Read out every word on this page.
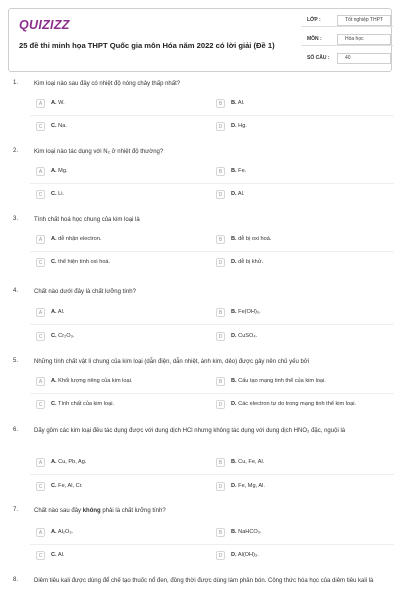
QUIZIZZ
25 đề thi minh họa THPT Quốc gia môn Hóa năm 2022 có lời giải (Đề 1)
LỚP :	Tốt nghiệp THPT
MÔN :	Hóa học
SỐ CÂU :	40
1.	Kim loại nào sau đây có nhiệt độ nóng chảy thấp nhất?
A	A. W.	B	B. Al.
C	C. Na.	D	D. Hg.
2.	Kim loại nào tác dụng với N₂ ở nhiệt độ thường?
A	A. Mg.	B	B. Fe.
C	C. Li.	D	D. Al.
3.	Tính chất hoá học chung của kim loại là
A	A. dễ nhận electron.	B	B. dễ bị oxi hoá.
C	C. thể hiện tính oxi hoá.	D	D. dễ bị khử.
4.	Chất nào dưới đây là chất lưỡng tính?
A	A. Al.	B	B. Fe(OH)₃.
C	C. Cr₂O₃.	D	D. CuSO₄.
5.	Những tính chất vật lí chung của kim loại (dẫn điện, dẫn nhiệt, ánh kim, dẻo) được gây nên chủ yếu bởi
A	A. Khối lượng riêng của kim loại.	B	B. Cấu tạo mạng tinh thể của kim loại.
C	C. Tính chất của kim loại.	D	D. Các electron tự do trong mạng tinh thể kim loại.
6.	Dãy gồm các kim loại đều tác dụng được với dung dịch HCl nhưng không tác dụng với dung dịch HNO₃ đặc, nguội là
A	A. Cu, Pb, Ag.	B	B. Cu, Fe, Al.
C	C. Fe, Al, Cr.	D	D. Fe, Mg, Al.
7.	Chất nào sau đây không phải là chất lưỡng tính?
A	A. Al₂O₃.	B	B. NaHCO₃.
C	C. Al.	D	D. Al(OH)₃.
8.	Diêm tiêu kali được dùng để chế tạo thuốc nổ đen, đồng thời được dùng làm phân bón. Công thức hóa học của diêm tiêu kali là
